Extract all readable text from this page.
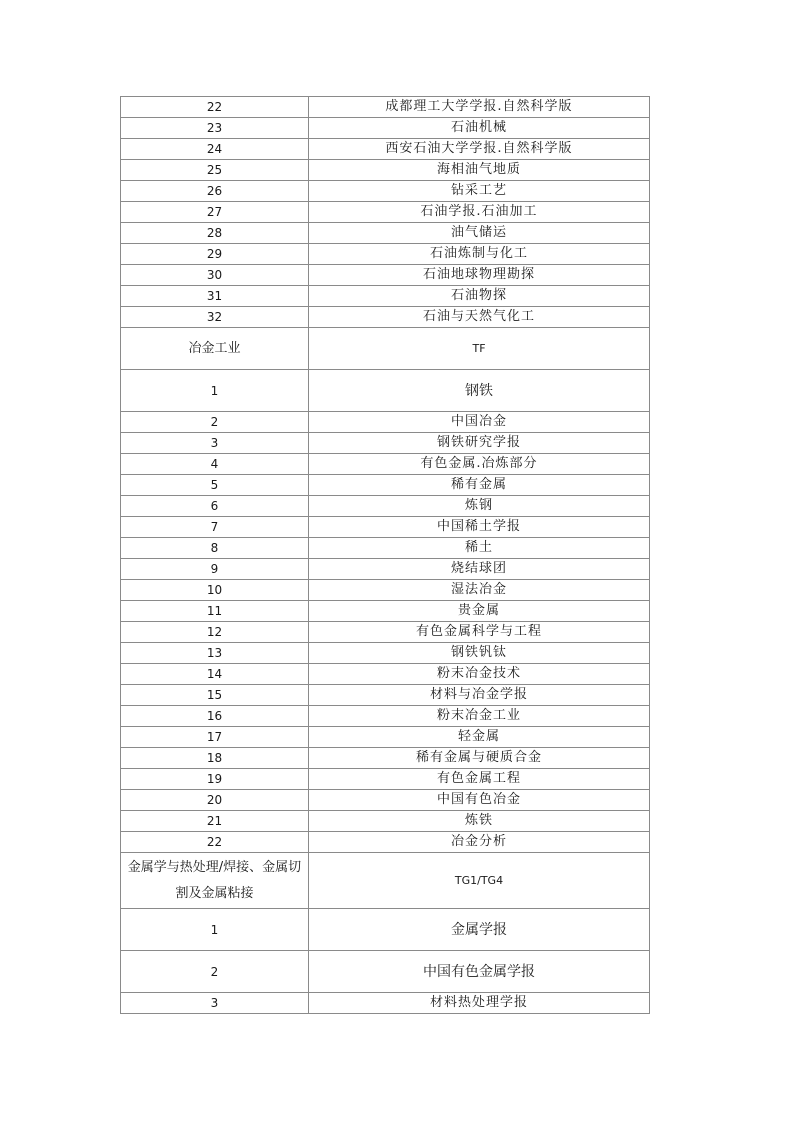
22	成都理工大学学报.自然科学版
23	石油机械
24	西安石油大学学报.自然科学版
25	海相油气地质
26	钻采工艺
27	石油学报.石油加工
28	油气储运
29	石油炼制与化工
30	石油地球物理勘探
31	石油物探
32	石油与天然气化工
冶金工业	TF
1	钢铁
2	中国冶金
3	钢铁研究学报
4	有色金属.冶炼部分
5	稀有金属
6	炼钢
7	中国稀土学报
8	稀土
9	烧结球团
10	湿法冶金
11	贵金属
12	有色金属科学与工程
13	钢铁钒钛
14	粉末冶金技术
15	材料与冶金学报
16	粉末冶金工业
17	轻金属
18	稀有金属与硬质合金
19	有色金属工程
20	中国有色冶金
21	炼铁
22	冶金分析

金属学与热处理/焊接、金属切
割及金属粘接	TG1/TG4
1	金属学报
2	中国有色金属学报
3	材料热处理学报
